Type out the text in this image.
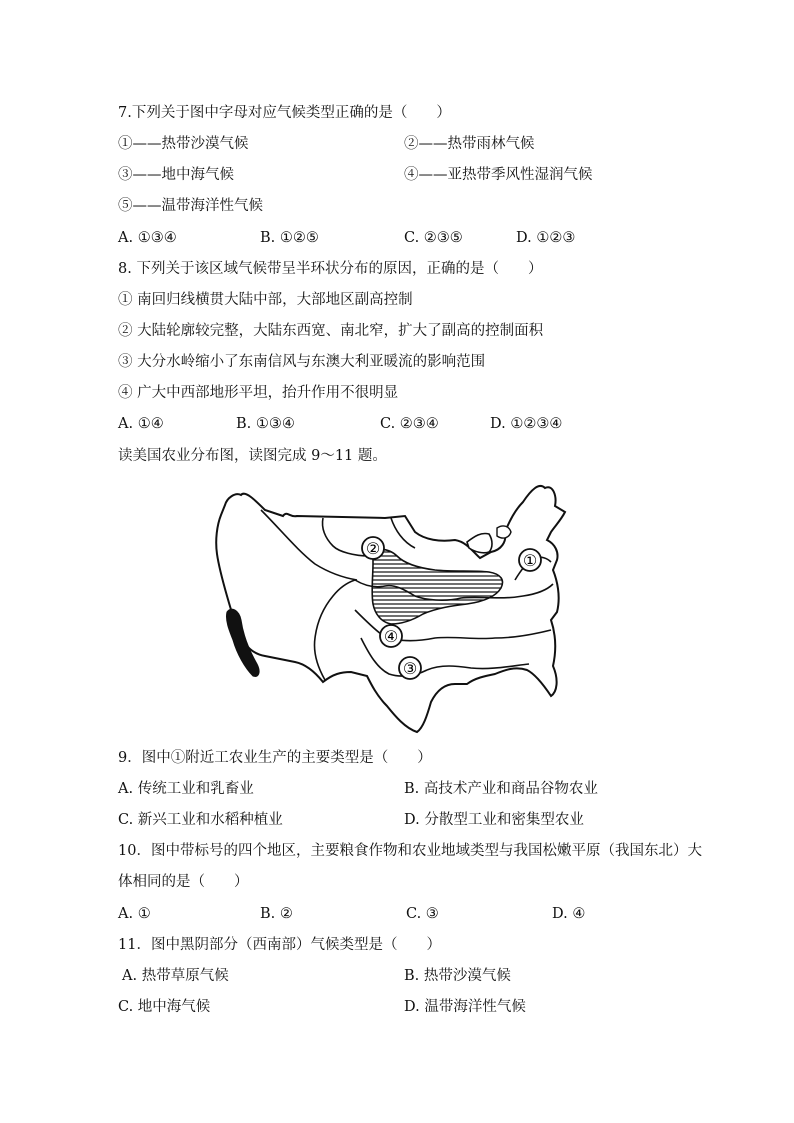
7.下列关于图中字母对应气候类型正确的是（　　）
①——热带沙漠气候	②——热带雨林气候
③——地中海气候	④——亚热带季风性湿润气候
⑤——温带海洋性气候
A. ①③④	B. ①②⑤	C. ②③⑤	D. ①②③
8. 下列关于该区域气候带呈半环状分布的原因，正确的是（　　）
① 南回归线横贯大陆中部，大部地区副高控制
② 大陆轮廓较完整，大陆东西宽、南北窄，扩大了副高的控制面积
③ 大分水岭缩小了东南信风与东澳大利亚暖流的影响范围
④ 广大中西部地形平坦，抬升作用不很明显
A. ①④	B. ①③④	C. ②③④	D. ①②③④
读美国农业分布图，读图完成 9～11 题。
①
②
③
④
9．图中①附近工农业生产的主要类型是（　　）
A. 传统工业和乳畜业	B. 高技术产业和商品谷物农业
C. 新兴工业和水稻种植业	D. 分散型工业和密集型农业
10．图中带标号的四个地区，主要粮食作物和农业地域类型与我国松嫩平原（我国东北）大
体相同的是（　　）
A. ①	B. ②	C. ③	D. ④
11．图中黑阴部分（西南部）气候类型是（　　）
A. 热带草原气候	B. 热带沙漠气候
C. 地中海气候	D. 温带海洋性气候
